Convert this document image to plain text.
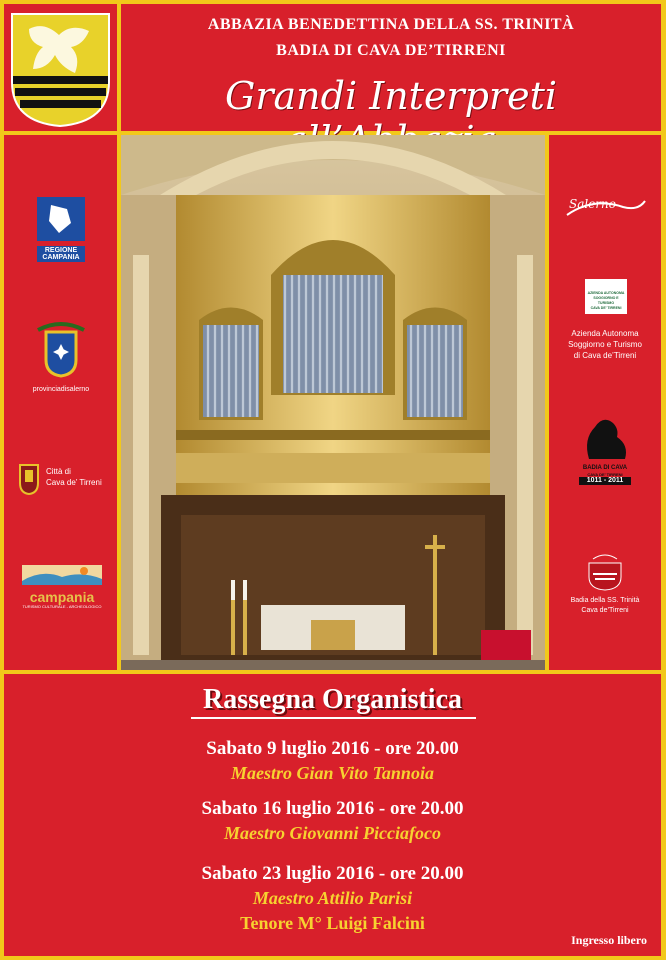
ABBAZIA BENEDETTINA DELLA SS. TRINITÀ
BADIA DI CAVA DE’TIRRENI
Grandi Interpreti
REGIONE CAMPANIA
provinciadisalerno
Città di
Cava de’ Tirreni
campania
TURISMO CULTURALE - ARCHEOLOGICO
Salerno
AZIENDA AUTONOMA
SOGGIORNO E TURISMO
CAVA DE’ TIRRENI
Azienda Autonoma
Soggiorno e Turismo
di Cava de’Tirreni
BADIA DI CAVA
CAVA DE’ TIRRENI
1011 - 2011
Badia della SS. Trinità
Cava de’Tirreni
Rassegna Organistica
Sabato 9 luglio 2016 - ore 20.00
Maestro Gian Vito Tannoia
Sabato 16 luglio 2016 - ore 20.00
Maestro Giovanni Picciafoco
Sabato 23 luglio 2016 - ore 20.00
Maestro Attilio Parisi
Tenore M° Luigi Falcini
Ingresso libero
